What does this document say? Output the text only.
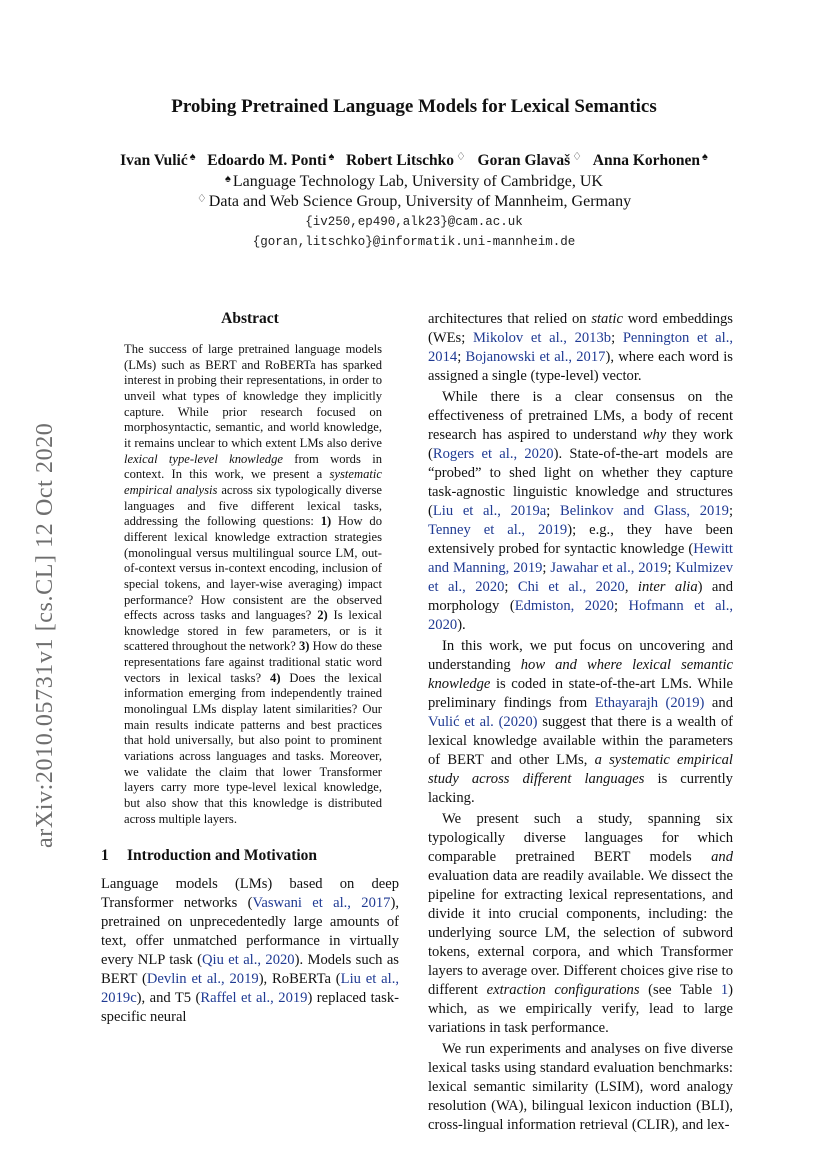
arXiv:2010.05731v1 [cs.CL] 12 Oct 2020
Probing Pretrained Language Models for Lexical Semantics
Ivan Vulić ♠ Edoardo M. Ponti ♠ Robert Litschko ♢ Goran Glavaš ♢ Anna Korhonen ♠
♠ Language Technology Lab, University of Cambridge, UK
♢ Data and Web Science Group, University of Mannheim, Germany
{iv250,ep490,alk23}@cam.ac.uk
{goran,litschko}@informatik.uni-mannheim.de
Abstract

The success of large pretrained language models (LMs) such as BERT and RoBERTa has sparked interest in probing their representations, in order to unveil what types of knowledge they implicitly capture. While prior research focused on morphosyntactic, semantic, and world knowledge, it remains unclear to which extent LMs also derive lexical type-level knowledge from words in context. In this work, we present a systematic empirical analysis across six typologically diverse languages and five different lexical tasks, addressing the following questions: 1) How do different lexical knowledge extraction strategies (monolingual versus multilingual source LM, out-of-context versus in-context encoding, inclusion of special tokens, and layer-wise averaging) impact performance? How consistent are the observed effects across tasks and languages? 2) Is lexical knowledge stored in few parameters, or is it scattered throughout the network? 3) How do these representations fare against traditional static word vectors in lexical tasks? 4) Does the lexical information emerging from independently trained monolingual LMs display latent similarities? Our main results indicate patterns and best practices that hold universally, but also point to prominent variations across languages and tasks. Moreover, we validate the claim that lower Transformer layers carry more type-level lexical knowledge, but also show that this knowledge is distributed across multiple layers.

1 Introduction and Motivation

Language models (LMs) based on deep Transformer networks (Vaswani et al., 2017), pretrained on unprecedentedly large amounts of text, offer unmatched performance in virtually every NLP task (Qiu et al., 2020). Models such as BERT (Devlin et al., 2019), RoBERTa (Liu et al., 2019c), and T5 (Raffel et al., 2019) replaced task-specific neural

architectures that relied on static word embeddings (WEs; Mikolov et al., 2013b; Pennington et al., 2014; Bojanowski et al., 2017), where each word is assigned a single (type-level) vector.

While there is a clear consensus on the effectiveness of pretrained LMs, a body of recent research has aspired to understand why they work (Rogers et al., 2020). State-of-the-art models are “probed” to shed light on whether they capture task-agnostic linguistic knowledge and structures (Liu et al., 2019a; Belinkov and Glass, 2019; Tenney et al., 2019); e.g., they have been extensively probed for syntactic knowledge (Hewitt and Manning, 2019; Jawahar et al., 2019; Kulmizev et al., 2020; Chi et al., 2020, inter alia) and morphology (Edmiston, 2020; Hofmann et al., 2020).

In this work, we put focus on uncovering and understanding how and where lexical semantic knowledge is coded in state-of-the-art LMs. While preliminary findings from Ethayarajh (2019) and Vulić et al. (2020) suggest that there is a wealth of lexical knowledge available within the parameters of BERT and other LMs, a systematic empirical study across different languages is currently lacking.

We present such a study, spanning six typologically diverse languages for which comparable pretrained BERT models and evaluation data are readily available. We dissect the pipeline for extracting lexical representations, and divide it into crucial components, including: the underlying source LM, the selection of subword tokens, external corpora, and which Transformer layers to average over. Different choices give rise to different extraction configurations (see Table 1) which, as we empirically verify, lead to large variations in task performance.

We run experiments and analyses on five diverse lexical tasks using standard evaluation benchmarks: lexical semantic similarity (LSIM), word analogy resolution (WA), bilingual lexicon induction (BLI), cross-lingual information retrieval (CLIR), and lex-
